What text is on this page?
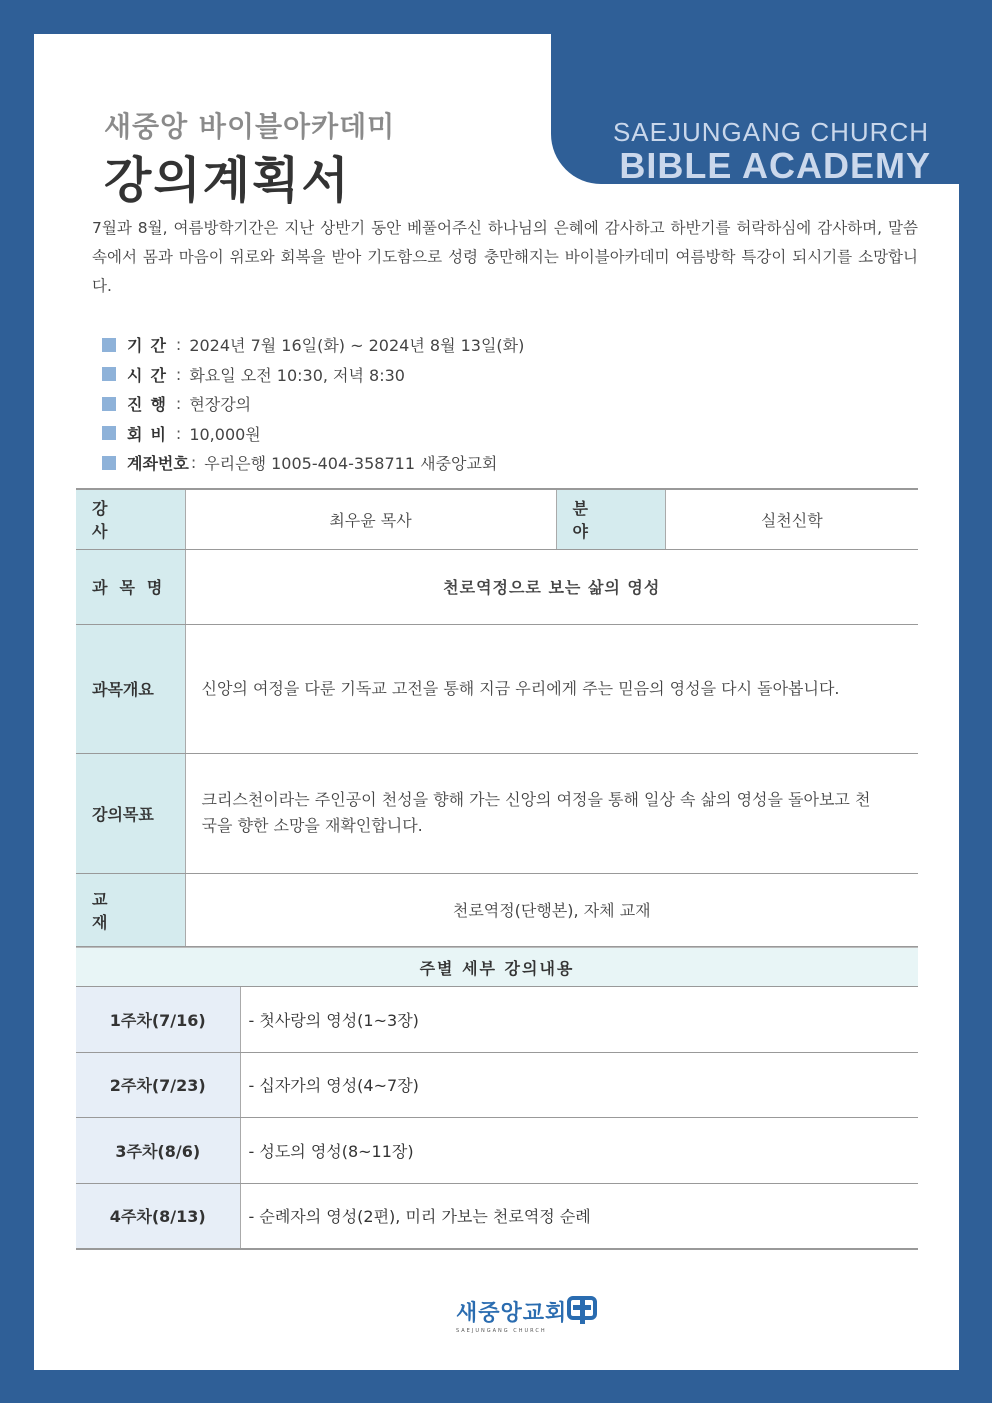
새중앙 바이블아카데미
강의계획서
SAEJUNGANG CHURCH
BIBLE ACADEMY

7월과 8월, 여름방학기간은 지난 상반기 동안 베풀어주신 하나님의 은혜에 감사하고 하반기를 허락하심에 감사하며, 말씀 속에서 몸과 마음이 위로와 회복을 받아 기도함으로 성령 충만해지는 바이블아카데미 여름방학 특강이 되시기를 소망합니다.

기간 : 2024년 7월 16일(화) ~ 2024년 8월 13일(화)
시간 : 화요일 오전 10:30, 저녁 8:30
진행 : 현장강의
회비 : 10,000원
계좌번호 : 우리은행 1005-404-358711 새중앙교회
강사	최우윤 목사	분야	실천신학
과목명	천로역정으로 보는 삶의 영성		
과목개요	신앙의 여정을 다룬 기독교 고전을 통해 지금 우리에게 주는 믿음의 영성을 다시 돌아봅니다.		

강의목표	크리스천이라는 주인공이 천성을 향해 가는 신앙의 여정을 통해 일상 속 삶의 영성을 돌아보고 천국을 향한 소망을 재확인합니다.		

교재	천로역정(단행본), 자체 교재		
주별 세부 강의내용	
1주차(7/16)	- 첫사랑의 영성(1~3장)
2주차(7/23)	- 십자가의 영성(4~7장)
3주차(8/6)	- 성도의 영성(8~11장)
4주차(8/13)	- 순례자의 영성(2편), 미리 가보는 천로역정 순례
새중앙교회
SAEJUNGANG CHURCH
